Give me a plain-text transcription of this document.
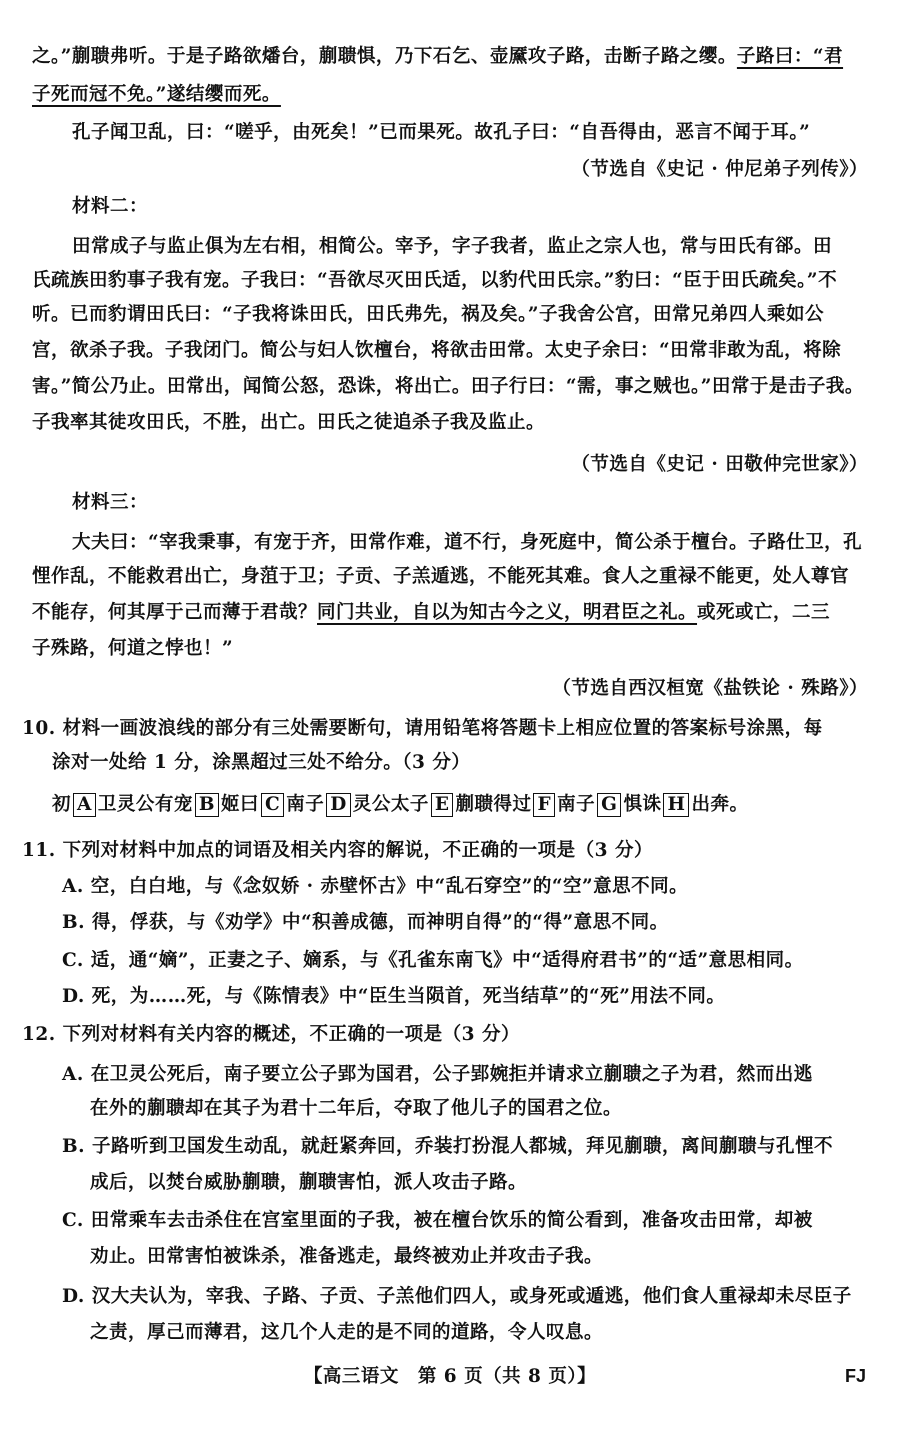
之。”蒯聩弗听。于是子路欲燔台，蒯聩惧，乃下石乞、壶黡攻子路，击断子路之缨。子路曰：“君
子死而冠不免。”遂结缨而死。
孔子闻卫乱，曰：“嗟乎，由死矣！”已而果死。故孔子曰：“自吾得由，恶言不闻于耳。”
（节选自《史记 · 仲尼弟子列传》）
材料二：
田常成子与监止俱为左右相，相简公。宰予，字子我者，监止之宗人也，常与田氏有郤。田
氏疏族田豹事子我有宠。子我曰：“吾欲尽灭田氏适，以豹代田氏宗。”豹曰：“臣于田氏疏矣。”不
听。已而豹谓田氏曰：“子我将诛田氏，田氏弗先，祸及矣。”子我舍公宫，田常兄弟四人乘如公
宫，欲杀子我。子我闭门。简公与妇人饮檀台，将欲击田常。太史子余曰：“田常非敢为乱，将除
害。”简公乃止。田常出，闻简公怒，恐诛，将出亡。田子行曰：“需，事之贼也。”田常于是击子我。
子我率其徒攻田氏，不胜，出亡。田氏之徒追杀子我及监止。
（节选自《史记 · 田敬仲完世家》）
材料三：
大夫曰：“宰我秉事，有宠于齐，田常作难，道不行，身死庭中，简公杀于檀台。子路仕卫，孔
悝作乱，不能救君出亡，身菹于卫；子贡、子羔遁逃，不能死其难。食人之重禄不能更，处人尊官
不能存，何其厚于己而薄于君哉？同门共业，自以为知古今之义，明君臣之礼。或死或亡，二三
子殊路，何道之悖也！”
（节选自西汉桓宽《盐铁论 · 殊路》）
10. 材料一画波浪线的部分有三处需要断句，请用铅笔将答题卡上相应位置的答案标号涂黑，每
涂对一处给 1 分，涂黑超过三处不给分。（3 分）
初 A 卫灵公有宠 B 姬曰 C 南子 D 灵公太子 E 蒯聩得过 F 南子 G 惧诛 H 出奔。
11. 下列对材料中加点的词语及相关内容的解说，不正确的一项是（3 分）
A. 空，白白地，与《念奴娇 · 赤壁怀古》中“乱石穿空”的“空”意思不同。
B. 得，俘获，与《劝学》中“积善成德，而神明自得”的“得”意思不同。
C. 适，通“嫡”，正妻之子、嫡系，与《孔雀东南飞》中“适得府君书”的“适”意思相同。
D. 死，为……死，与《陈情表》中“臣生当陨首，死当结草”的“死”用法不同。
12. 下列对材料有关内容的概述，不正确的一项是（3 分）
A. 在卫灵公死后，南子要立公子郢为国君，公子郢婉拒并请求立蒯聩之子为君，然而出逃
在外的蒯聩却在其子为君十二年后，夺取了他儿子的国君之位。
B. 子路听到卫国发生动乱，就赶紧奔回，乔装打扮混人都城，拜见蒯聩，离间蒯聩与孔悝不
成后，以焚台威胁蒯聩，蒯聩害怕，派人攻击子路。
C. 田常乘车去击杀住在宫室里面的子我，被在檀台饮乐的简公看到，准备攻击田常，却被
劝止。田常害怕被诛杀，准备逃走，最终被劝止并攻击子我。
D. 汉大夫认为，宰我、子路、子贡、子羔他们四人，或身死或遁逃，他们食人重禄却未尽臣子
之责，厚己而薄君，这几个人走的是不同的道路，令人叹息。
【高三语文　第 6 页（共 8 页）】	FJ
